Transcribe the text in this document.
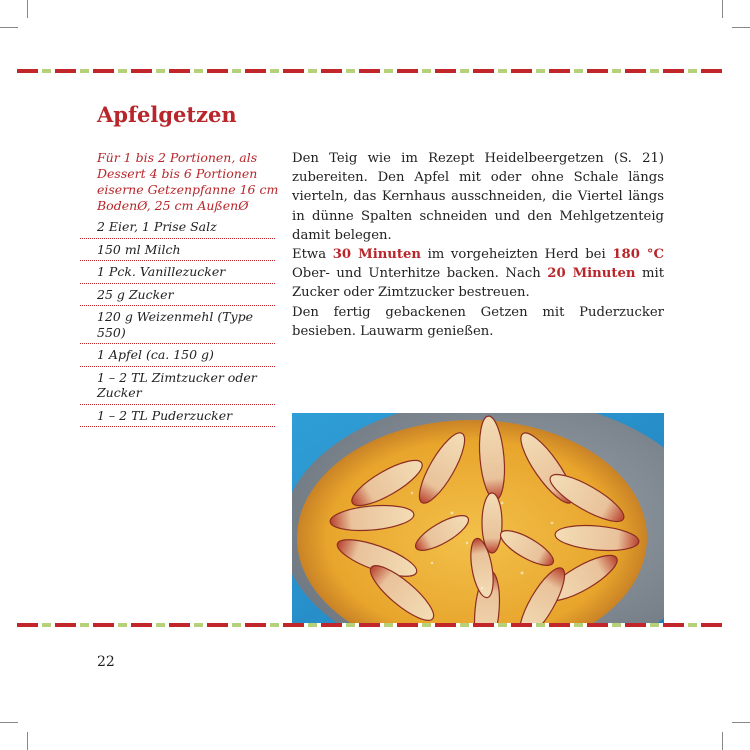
Apfelgetzen
Für 1 bis 2 Portionen, als Dessert 4 bis 6 Portionen eiserne Getzenpfanne 16 cm BodenØ, 25 cm AußenØ
2 Eier, 1 Prise Salz
150 ml Milch
1 Pck. Vanillezucker
25 g Zucker
120 g Weizenmehl (Type 550)
1 Apfel (ca. 150 g)
1 – 2 TL Zimtzucker oder Zucker
1 – 2 TL Puderzucker

Den Teig wie im Rezept Heidelbeergetzen (S. 21) zubereiten. Den Apfel mit oder ohne Schale längs vierteln, das Kernhaus ausschneiden, die Viertel längs in dünne Spalten schneiden und den Mehlgetzenteig damit belegen.

Etwa 30 Minuten im vorgeheizten Herd bei 180 °C Ober- und Unterhitze backen. Nach 20 Minuten mit Zucker oder Zimtzucker bestreuen.

Den fertig gebackenen Getzen mit Puderzucker besieben. Lauwarm genießen.

22
